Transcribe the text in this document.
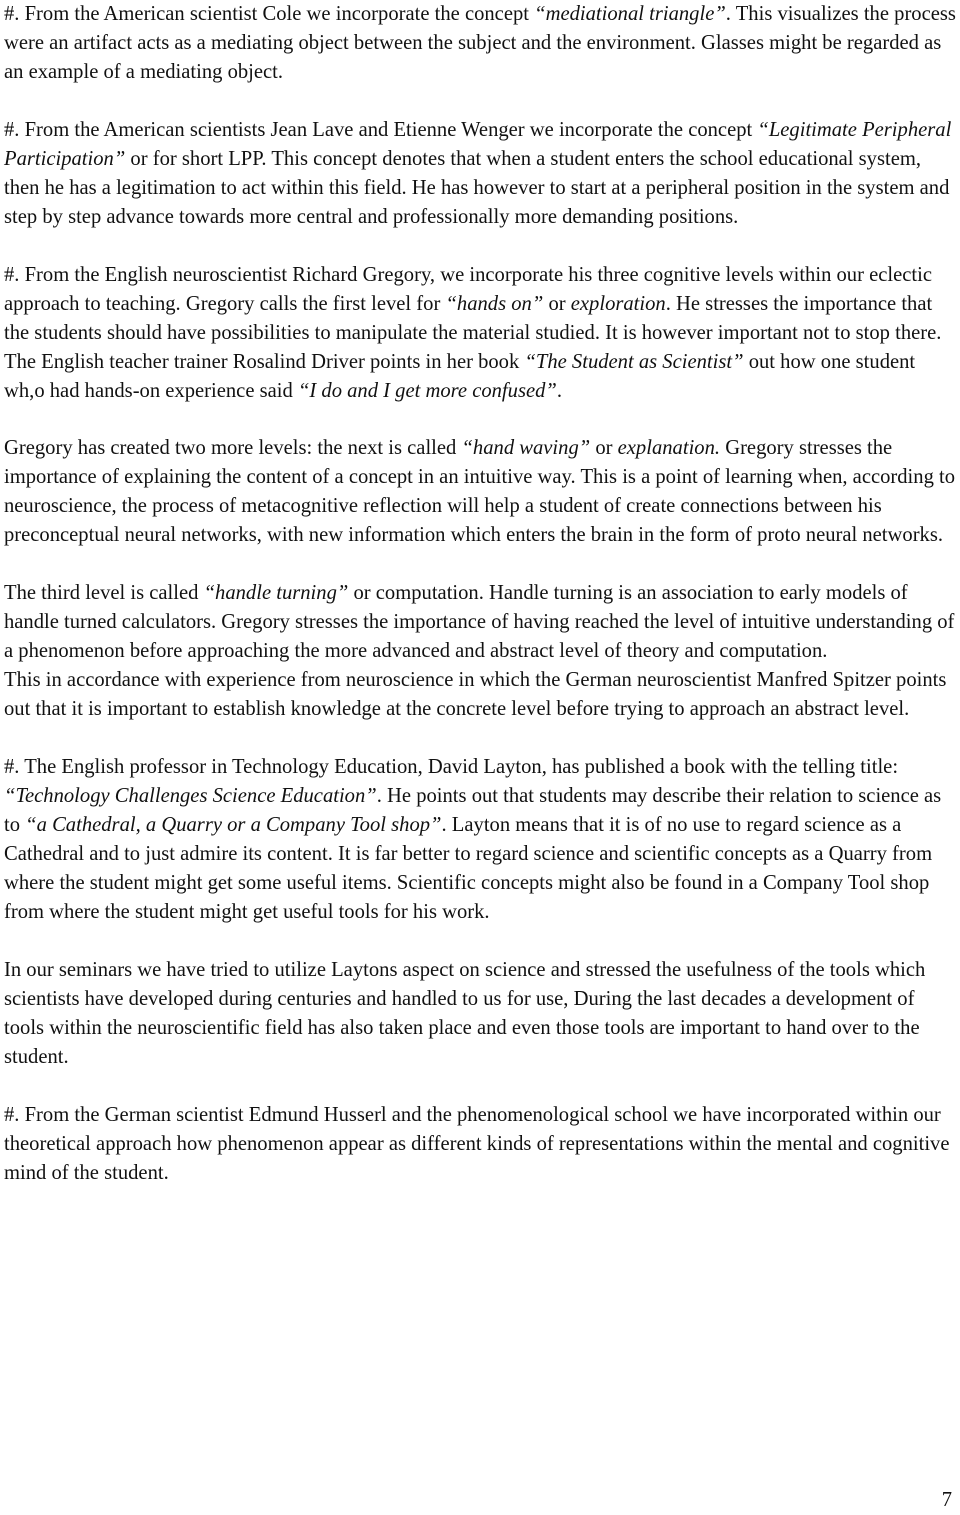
#. From the American scientist Cole we incorporate the concept “mediational triangle”. This visualizes the process were an artifact acts as a mediating object between the subject and the environment. Glasses might be regarded as an example of a mediating object.

#. From the American scientists Jean Lave and Etienne Wenger we incorporate the concept “Legitimate Peripheral Participation” or for short LPP. This concept denotes that when a student enters the school educational system, then he has a legitimation to act within this field. He has however to start at a peripheral position in the system and step by step advance towards more central and professionally more demanding positions.

#. From the English neuroscientist Richard Gregory, we incorporate his three cognitive levels within our eclectic approach to teaching. Gregory calls the first level for “hands on” or exploration. He stresses the importance that the students should have possibilities to manipulate the material studied. It is however important not to stop there. The English teacher trainer Rosalind Driver points in her book “The Student as Scientist” out how one student wh,o had hands-on experience said “I do and I get more confused”.

Gregory has created two more levels: the next is called “hand waving” or explanation. Gregory stresses the importance of explaining the content of a concept in an intuitive way. This is a point of learning when, according to neuroscience, the process of metacognitive reflection will help a student of create connections between his preconceptual neural networks, with new information which enters the brain in the form of proto neural networks.

The third level is called “handle turning” or computation. Handle turning is an association to early models of handle turned calculators. Gregory stresses the importance of having reached the level of intuitive understanding of a phenomenon before approaching the more advanced and abstract level of theory and computation.

This in accordance with experience from neuroscience in which the German neuroscientist Manfred Spitzer points out that it is important to establish knowledge at the concrete level before trying to approach an abstract level.

#. The English professor in Technology Education, David Layton, has published a book with the telling title: “Technology Challenges Science Education”. He points out that students may describe their relation to science as to “a Cathedral, a Quarry or a Company Tool shop”. Layton means that it is of no use to regard science as a Cathedral and to just admire its content. It is far better to regard science and scientific concepts as a Quarry from where the student might get some useful items. Scientific concepts might also be found in a Company Tool shop from where the student might get useful tools for his work.

In our seminars we have tried to utilize Laytons aspect on science and stressed the usefulness of the tools which scientists have developed during centuries and handled to us for use, During the last decades a development of tools within the neuroscientific field has also taken place and even those tools are important to hand over to the student.

#. From the German scientist Edmund Husserl and the phenomenological school we have incorporated within our theoretical approach how phenomenon appear as different kinds of representations within the mental and cognitive mind of the student.

7
